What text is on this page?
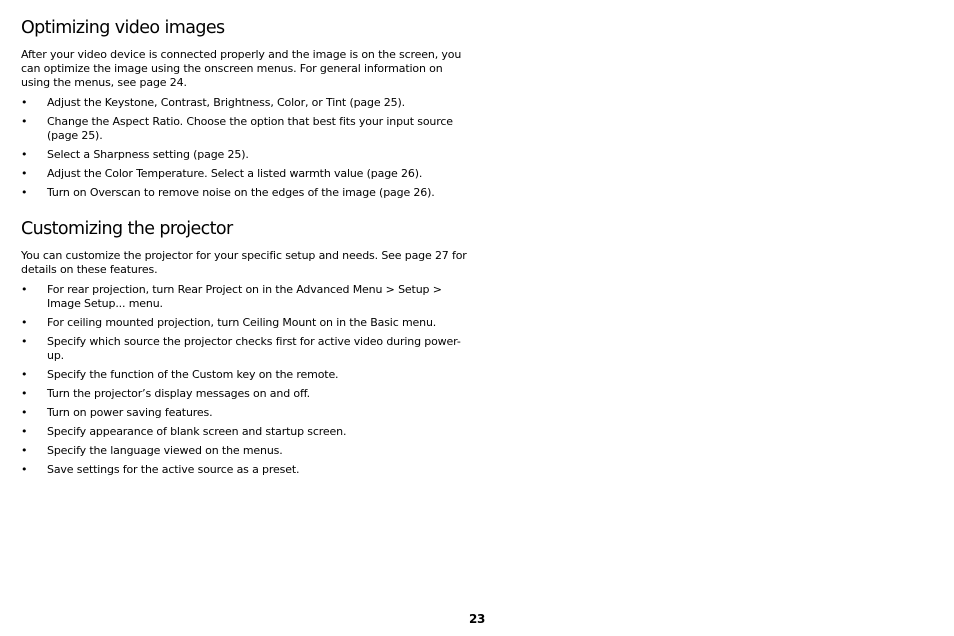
Optimizing video images

After your video device is connected properly and the image is on the screen, you can optimize the image using the onscreen menus. For general information on using the menus, see page 24.

• Adjust the Keystone, Contrast, Brightness, Color, or Tint (page 25).
• Change the Aspect Ratio. Choose the option that best fits your input source (page 25).
• Select a Sharpness setting (page 25).
• Adjust the Color Temperature. Select a listed warmth value (page 26).
• Turn on Overscan to remove noise on the edges of the image (page 26).
Customizing the projector

You can customize the projector for your specific setup and needs. See page 27 for details on these features.

• For rear projection, turn Rear Project on in the Advanced Menu > Setup > Image Setup... menu.
• For ceiling mounted projection, turn Ceiling Mount on in the Basic menu.
• Specify which source the projector checks first for active video during power-up.
• Specify the function of the Custom key on the remote.
• Turn the projector’s display messages on and off.
• Turn on power saving features.
• Specify appearance of blank screen and startup screen.
• Specify the language viewed on the menus.
• Save settings for the active source as a preset.
23
